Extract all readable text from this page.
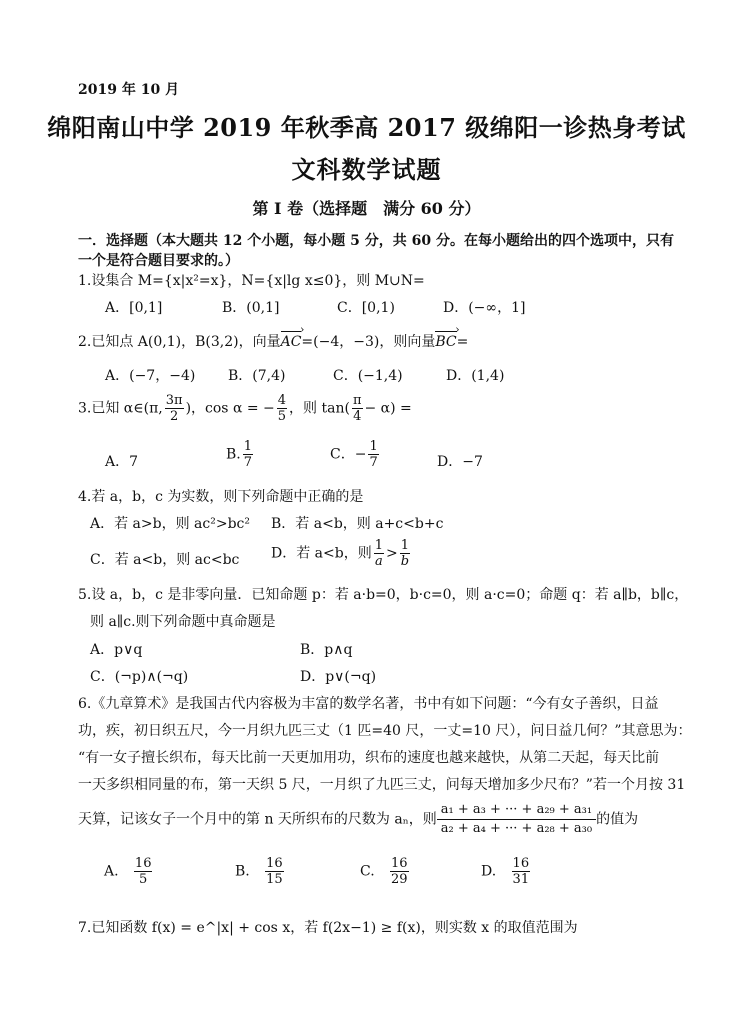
2019 年 10 月
绵阳南山中学 2019 年秋季高 2017 级绵阳一诊热身考试
文科数学试题
第 I 卷（选择题　满分 60 分）
一．选择题（本大题共 12 个小题，每小题 5 分，共 60 分。在每小题给出的四个选项中，只有
一个是符合题目要求的。）
1.设集合 M={x|x²=x}，N={x|lg x≤0}，则 M∪N=
A．[0,1]	B．(0,1]	C．[0,1)	D．(−∞，1]
2.已知点 A(0,1)，B(3,2)，向量AC ›=(−4，−3)，则向量BC ›=
A．(−7，−4) B．(7,4)	C．(−1,4)	D．(1,4)
3.已知 α∈(π, $\frac{3\pi}{2}$ )，cos α = − $\frac{4}{5}$ ，则 $\tan( \frac{\pi}{4} - \alpha)$ =
A．7	B. $\frac{1}{7}$	C．− $\frac{1}{7}$	D．−7
4.若 a，b，c 为实数，则下列命题中正确的是
A．若 a>b，则 ac²>bc² B．若 a<b，则 a+c<b+c
C．若 a<b，则 ac<bc D．若 a<b，则 $\frac{1}{a} > \frac{1}{b}$
5.设 a，b，c 是非零向量．已知命题 p：若 a·b=0，b·c=0，则 a·c=0；命题 q：若 a∥b，b∥c，
则 a∥c.则下列命题中真命题是
A．p∨q	B．p∧q
C．(¬p)∧(¬q)	D．p∨(¬q)
6.《九章算术》是我国古代内容极为丰富的数学名著，书中有如下问题：“今有女子善织，日益
功，疾，初日织五尺，今一月织九匹三丈（1 匹=40 尺，一丈=10 尺），问日益几何？”其意思为：
“有一女子擅长织布，每天比前一天更加用功，织布的速度也越来越快，从第二天起，每天比前
一天多织相同量的布，第一天织 5 尺，一月织了九匹三丈，问每天增加多少尺布？”若一个月按 31
天算，记该女子一个月中的第 n 天所织布的尺数为 aₙ，则 $\frac{\text{a₁ + a₃ + ··· + a₂₉ + a₃₁}}{\text{a₂ + a₄ + ··· + a₂₈ + a₃₀}}$ 的值为
A. $\frac{16}{5}$	B. $\frac{16}{15}$	C. $\frac{16}{29}$	D. $\frac{16}{31}$
7.已知函数 f(x) = e^|x| + cos x，若 f(2x−1) ≥ f(x)，则实数 x 的取值范围为
